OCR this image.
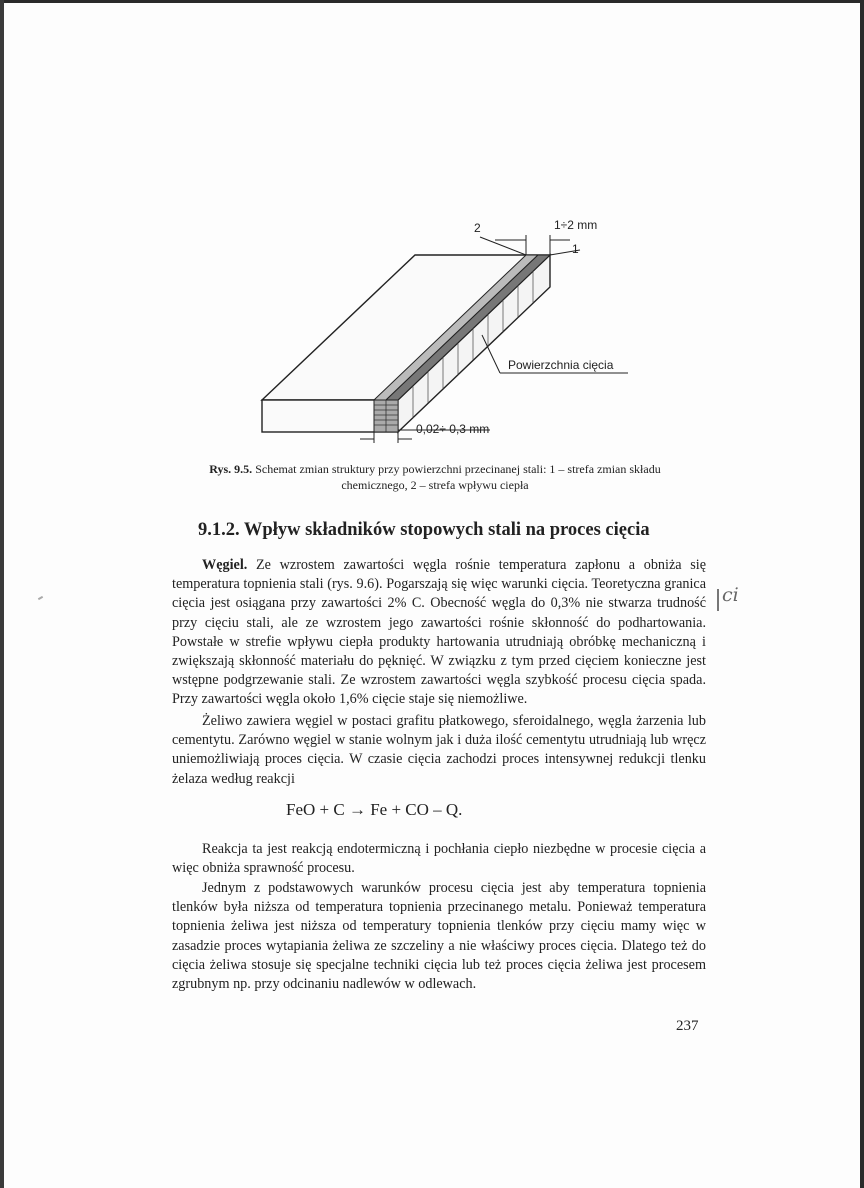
2	1÷2 mm
1
Powierzchnia cięcia
0,02÷ 0,3 mm
Rys. 9.5. Schemat zmian struktury przy powierzchni przecinanej stali: 1 – strefa zmian składu chemicznego, 2 – strefa wpływu ciepła
9.1.2. Wpływ składników stopowych stali na proces cięcia

Węgiel. Ze wzrostem zawartości węgla rośnie temperatura zapłonu a obniża się temperatura topnienia stali (rys. 9.6). Pogarszają się więc warunki cięcia. Teoretyczna granica cięcia jest osiągana przy zawartości 2% C. Obecność węgla do 0,3% nie stwarza trudność przy cięciu stali, ale ze wzrostem jego zawartości rośnie skłonność do podhartowania. Powstałe w strefie wpływu ciepła produkty hartowania utrudniają obróbkę mechaniczną i zwiększają skłonność materiału do pęknięć. W związku z tym przed cięciem konieczne jest wstępne podgrzewanie stali. Ze wzrostem zawartości węgla szybkość procesu cięcia spada. Przy zawartości węgla około 1,6% cięcie staje się niemożliwe.

Żeliwo zawiera węgiel w postaci grafitu płatkowego, sferoidalnego, węgla żarzenia lub cementytu. Zarówno węgiel w stanie wolnym jak i duża ilość cementytu utrudniają lub wręcz uniemożliwiają proces cięcia. W czasie cięcia zachodzi proces intensywnej redukcji tlenku żelaza według reakcji

FeO + C → Fe + CO – Q.

Reakcja ta jest reakcją endotermiczną i pochłania ciepło niezbędne w procesie cięcia a więc obniża sprawność procesu.

Jednym z podstawowych warunków procesu cięcia jest aby temperatura topnienia tlenków była niższa od temperatura topnienia przecinanego metalu. Ponieważ temperatura topnienia żeliwa jest niższa od temperatury topnienia tlenków przy cięciu mamy więc w zasadzie proces wytapiania żeliwa ze szczeliny a nie właściwy proces cięcia. Dlatego też do cięcia żeliwa stosuje się specjalne techniki cięcia lub też proces cięcia żeliwa jest procesem zgrubnym np. przy odcinaniu nadlewów w odlewach.

237
ci
